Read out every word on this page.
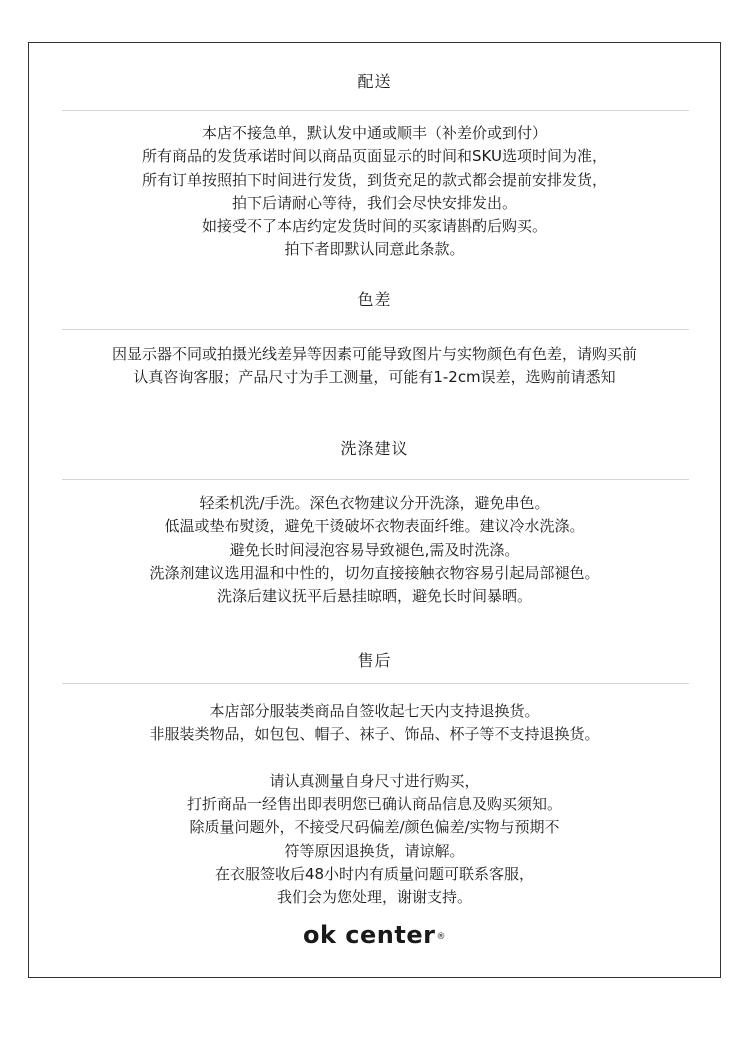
配送
本店不接急单，默认发中通或顺丰（补差价或到付）
所有商品的发货承诺时间以商品页面显示的时间和SKU选项时间为准，
所有订单按照拍下时间进行发货，到货充足的款式都会提前安排发货，
拍下后请耐心等待，我们会尽快安排发出。
如接受不了本店约定发货时间的买家请斟酌后购买。
拍下者即默认同意此条款。
色差
因显示器不同或拍摄光线差异等因素可能导致图片与实物颜色有色差，请购买前
认真咨询客服；产品尺寸为手工测量，可能有1-2cm误差，选购前请悉知
洗涤建议
轻柔机洗/手洗。深色衣物建议分开洗涤，避免串色。
低温或垫布熨烫，避免干烫破坏衣物表面纤维。建议冷水洗涤。
避免长时间浸泡容易导致褪色,需及时洗涤。
洗涤剂建议选用温和中性的，切勿直接接触衣物容易引起局部褪色。
洗涤后建议抚平后悬挂晾晒，避免长时间暴晒。
售后
本店部分服装类商品自签收起七天内支持退换货。
非服装类物品，如包包、帽子、袜子、饰品、杯子等不支持退换货。
请认真测量自身尺寸进行购买，
打折商品一经售出即表明您已确认商品信息及购买须知。
除质量问题外，不接受尺码偏差/颜色偏差/实物与预期不
符等原因退换货，请谅解。
在衣服签收后48小时内有质量问题可联系客服，
我们会为您处理，谢谢支持。
ok center®
